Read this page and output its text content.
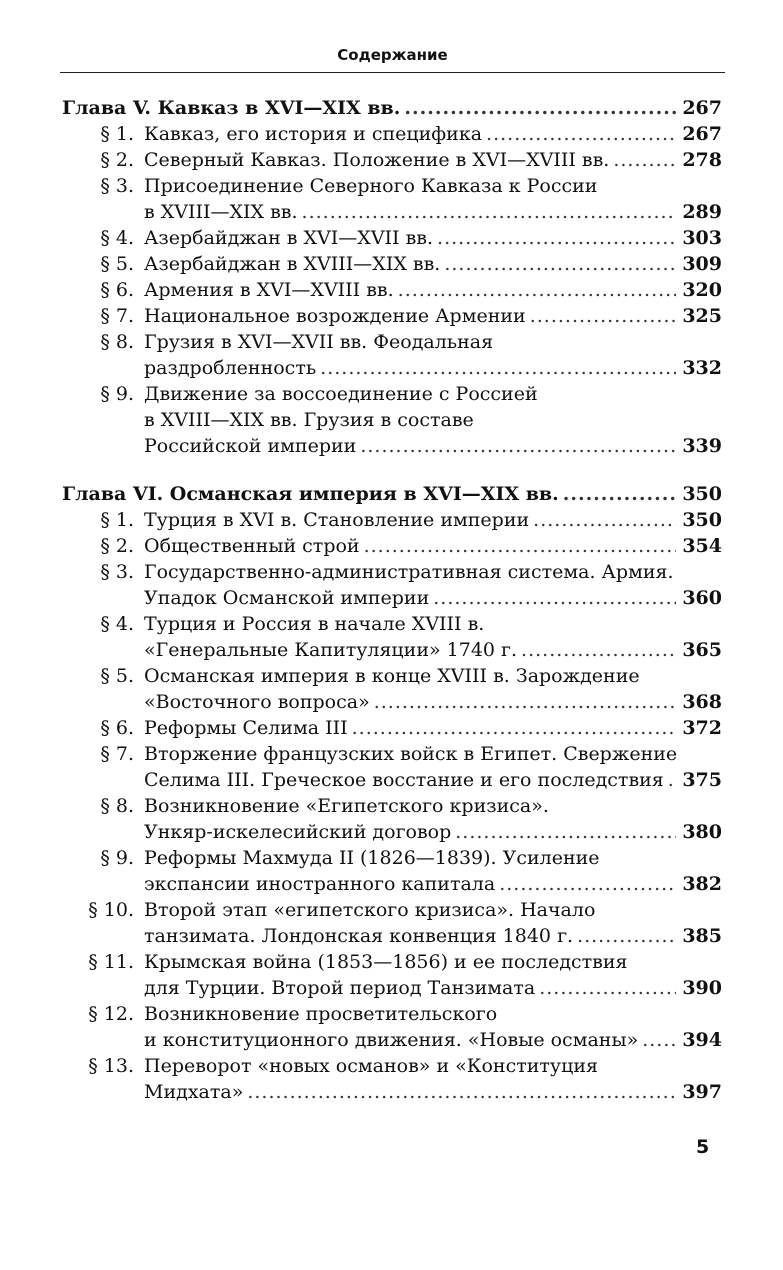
Содержание
Глава V. Кавказ в XVI—XIX вв. .....	267
§ 1. Кавказ, его история и специфика .....	267
§ 2. Северный Кавказ. Положение в XVI—XVIII вв. .....	278
§ 3. Присоединение Северного Кавказа к России
в XVIII—XIX вв. .....	289
§ 4. Азербайджан в XVI—XVII вв. .....	303
§ 5. Азербайджан в XVIII—XIX вв. .....	309
§ 6. Армения в XVI—XVIII вв. .....	320
§ 7. Национальное возрождение Армении .....	325
§ 8. Грузия в XVI—XVII вв. Феодальная
раздробленность .....	332
§ 9. Движение за воссоединение с Россией
в XVIII—XIX вв. Грузия в составе
Российской империи .....	339
Глава VI. Османская империя в XVI—XIX вв. .....	350
§ 1. Турция в XVI в. Становление империи .....	350
§ 2. Общественный строй .....	354
§ 3. Государственно-административная система. Армия.
Упадок Османской империи .....	360
§ 4. Турция и Россия в начале XVIII в.
«Генеральные Капитуляции» 1740 г. .....	365
§ 5. Османская империя в конце XVIII в. Зарождение
«Восточного вопроса» .....	368
§ 6. Реформы Селима III .....	372
§ 7. Вторжение французских войск в Египет. Свержение
Селима III. Греческое восстание и его последствия ..... 375
§ 8. Возникновение «Египетского кризиса».
Ункяр-искелесийский договор .....	380
§ 9. Реформы Махмуда II (1826—1839). Усиление
экспансии иностранного капитала .....	382
§ 10. Второй этап «египетского кризиса». Начало
танзимата. Лондонская конвенция 1840 г. .....	385
§ 11. Крымская война (1853—1856) и ее последствия
для Турции. Второй период Танзимата .....	390
§ 12. Возникновение просветительского
и конституционного движения. «Новые османы» ..... 394
§ 13. Переворот «новых османов» и «Конституция
Мидхата» .....	397
5
